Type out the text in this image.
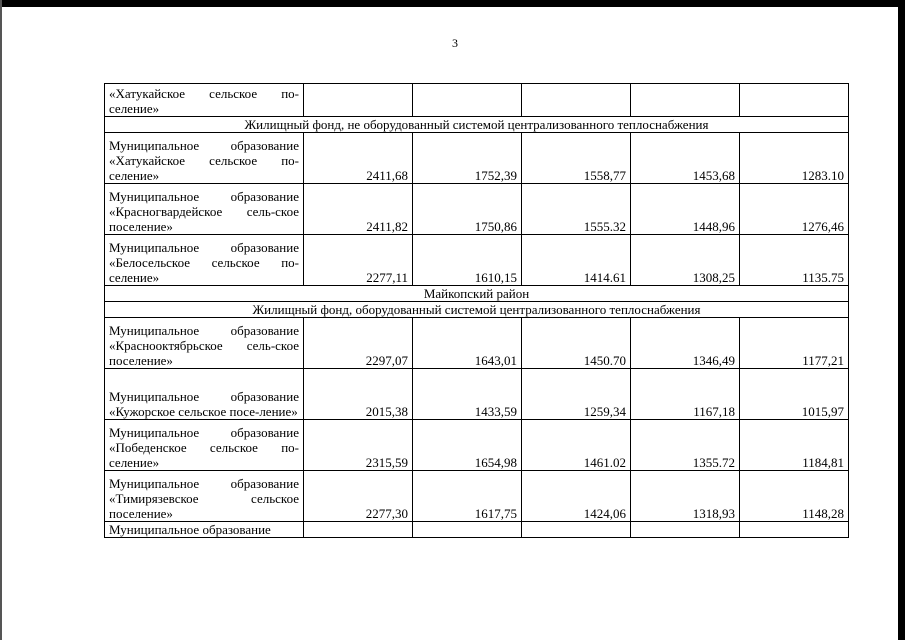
3
«Хатукайское сельское по-селение»					
Жилищный фонд, не оборудованный системой централизованного теплоснабжения					
Муниципальное образование «Хатукайское сельское по-селение»	2411,68	1752,39	1558,77	1453,68	1283.10
Муниципальное образование «Красногвардейское сель-ское поселение»	2411,82	1750,86	1555.32	1448,96	1276,46
Муниципальное образование «Белосельское сельское по-селение»	2277,11	1610,15	1414.61	1308,25	1135.75
Майкопский район					
Жилищный фонд, оборудованный системой централизованного теплоснабжения					
Муниципальное образование «Краснооктябрьское сель-ское поселение»	2297,07	1643,01	1450.70	1346,49	1177,21
Муниципальное образование «Кужорское сельское посе-ление»	2015,38	1433,59	1259,34	1167,18	1015,97
Муниципальное образование «Победенское сельское по-селение»	2315,59	1654,98	1461.02	1355.72	1184,81
Муниципальное образование «Тимирязевское сельское поселение»	2277,30	1617,75	1424,06	1318,93	1148,28
Муниципальное образование					
